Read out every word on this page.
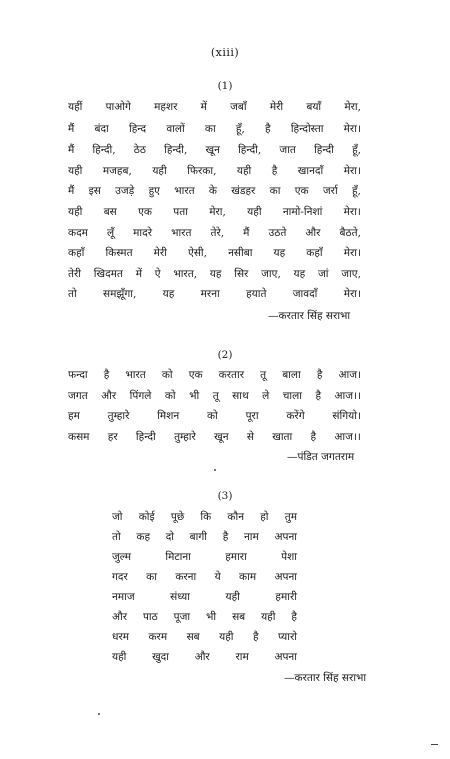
(xiii)
(1)
यहीं पाओगे महशर में जबाँ मेरी बयाँ मेरा,
मैं बंदा हिन्द वालों का हूँ, है हिन्दोस्ता मेरा।
मैं हिन्दी, ठेठ हिन्दी, खून हिन्दी, जात हिन्दी हूँ,
यही मजहब, यही फिरका, यही है खानदाँ मेरा।
मैं इस उजड़े हुए भारत के खंडहर का एक जर्रा हूँ,
यही बस एक पता मेरा, यही नामो-निशां मेरा।
कदम लूँ मादरे भारत तेरे, मैं उठते और बैठते,
कहाँ किस्मत मेरी ऐसी, नसीबा यह कहाँ मेरा।
तेरी खिदमत में ऐ भारत, यह सिर जाए, यह जां जाए,
तो	समझूँगा,	यह	मरना	हयाते	जावदाँ	मेरा।
—करतार सिंह सराभा
(2)
फन्दा है भारत को एक करतार तू बाला है आज।
जगत और पिंगले को भी तू साथ ले चाला है आज।।
हम	तुम्हारे	मिशन	को	पूरा	करेंगे	संगियो।
कसम हर हिन्दी तुम्हारे खून से खाता है आज।।
—पंडित जगतराम
(3)
जो कोई पूछे कि कौन हो तुम
तो कह दो बागी है नाम अपना
जुल्म	मिटाना	हमारा	पेशा
गदर का करना ये काम अपना
नमाज	संध्या	यही	हमारी
और पाठ पूजा भी सब यही है
धरम करम सब यही है प्यारो
यही खुदा और राम अपना
—करतार सिंह सराभा
